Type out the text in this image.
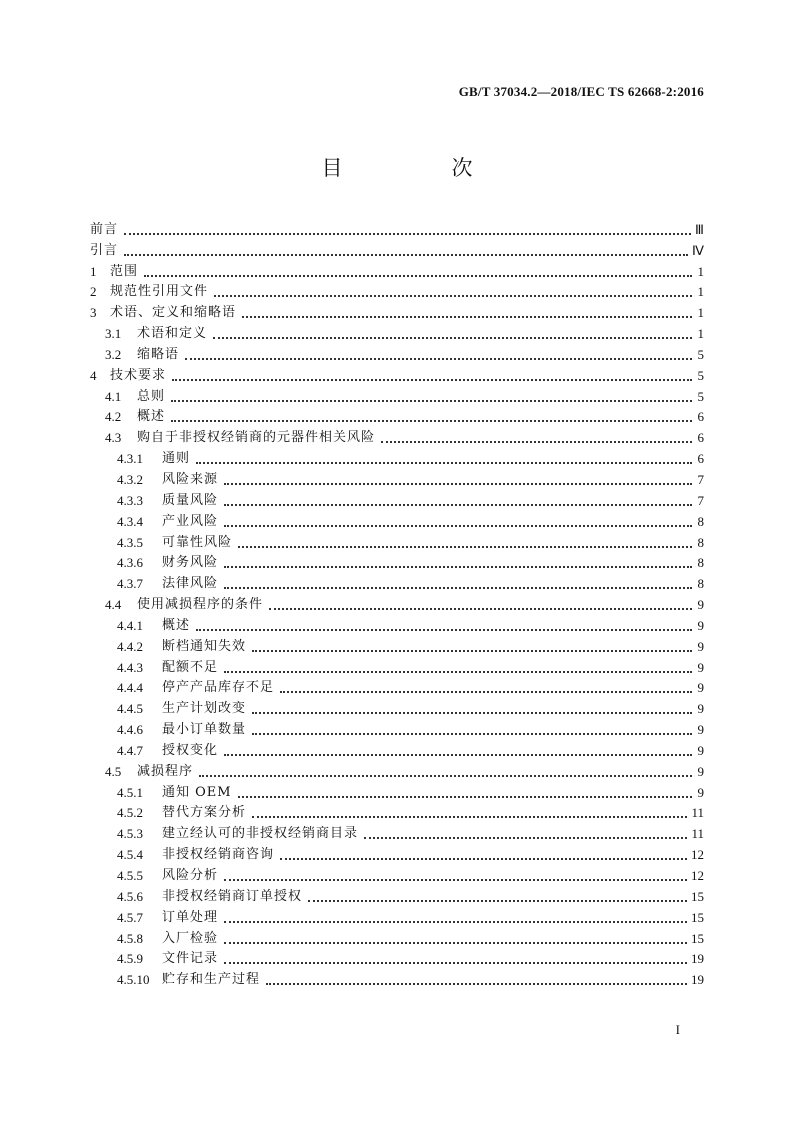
GB/T 37034.2—2018/IEC TS 62668-2:2016
目　次
前言	Ⅲ
引言	Ⅳ
1	范围	1
2	规范性引用文件	1
3	术语、定义和缩略语	1
3.1	术语和定义	1
3.2	缩略语	5
4	技术要求	5
4.1	总则	5
4.2	概述	6
4.3	购自于非授权经销商的元器件相关风险	6
4.3.1	通则	6
4.3.2	风险来源	7
4.3.3	质量风险	7
4.3.4	产业风险	8
4.3.5	可靠性风险	8
4.3.6	财务风险	8
4.3.7	法律风险	8
4.4	使用减损程序的条件	9
4.4.1	概述	9
4.4.2	断档通知失效	9
4.4.3	配额不足	9
4.4.4	停产产品库存不足	9
4.4.5	生产计划改变	9
4.4.6	最小订单数量	9
4.4.7	授权变化	9
4.5	减损程序	9
4.5.1	通知 OEM	9
4.5.2	替代方案分析	11
4.5.3	建立经认可的非授权经销商目录	11
4.5.4	非授权经销商咨询	12
4.5.5	风险分析	12
4.5.6	非授权经销商订单授权	15
4.5.7	订单处理	15
4.5.8	入厂检验	15
4.5.9	文件记录	19
4.5.10 贮存和生产过程	19
I
